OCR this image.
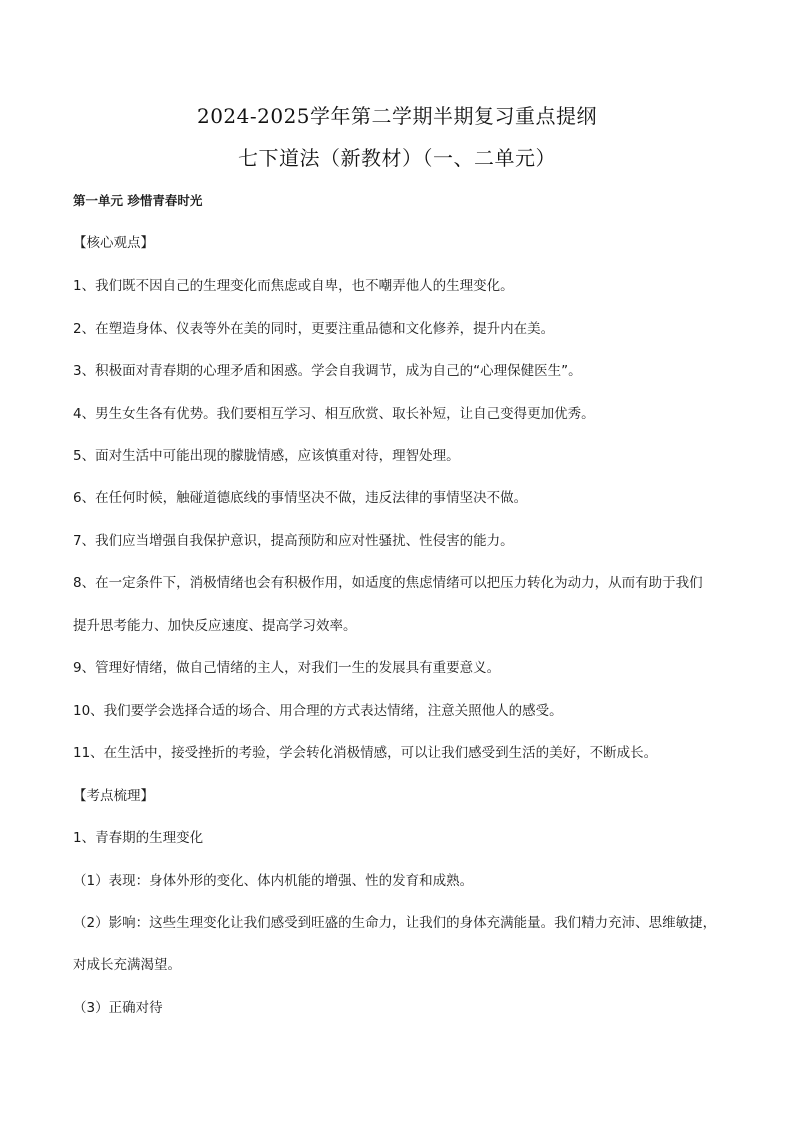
2024-2025学年第二学期半期复习重点提纲
七下道法（新教材）（一、二单元）
第一单元 珍惜青春时光
【核心观点】
1、我们既不因自己的生理变化而焦虑或自卑，也不嘲弄他人的生理变化。
2、在塑造身体、仪表等外在美的同时，更要注重品德和文化修养，提升内在美。
3、积极面对青春期的心理矛盾和困惑。学会自我调节，成为自己的“心理保健医生”。
4、男生女生各有优势。我们要相互学习、相互欣赏、取长补短，让自己变得更加优秀。
5、面对生活中可能出现的朦胧情感，应该慎重对待，理智处理。
6、在任何时候，触碰道德底线的事情坚决不做，违反法律的事情坚决不做。
7、我们应当增强自我保护意识，提高预防和应对性骚扰、性侵害的能力。
8、在一定条件下，消极情绪也会有积极作用，如适度的焦虑情绪可以把压力转化为动力，从而有助于我们
提升思考能力、加快反应速度、提高学习效率。
9、管理好情绪，做自己情绪的主人，对我们一生的发展具有重要意义。
10、我们要学会选择合适的场合、用合理的方式表达情绪，注意关照他人的感受。
11、在生活中，接受挫折的考验，学会转化消极情感，可以让我们感受到生活的美好，不断成长。
【考点梳理】
1、青春期的生理变化
（1）表现：身体外形的变化、体内机能的增强、性的发育和成熟。
（2）影响：这些生理变化让我们感受到旺盛的生命力，让我们的身体充满能量。我们精力充沛、思维敏捷，
对成长充满渴望。
（3）正确对待
